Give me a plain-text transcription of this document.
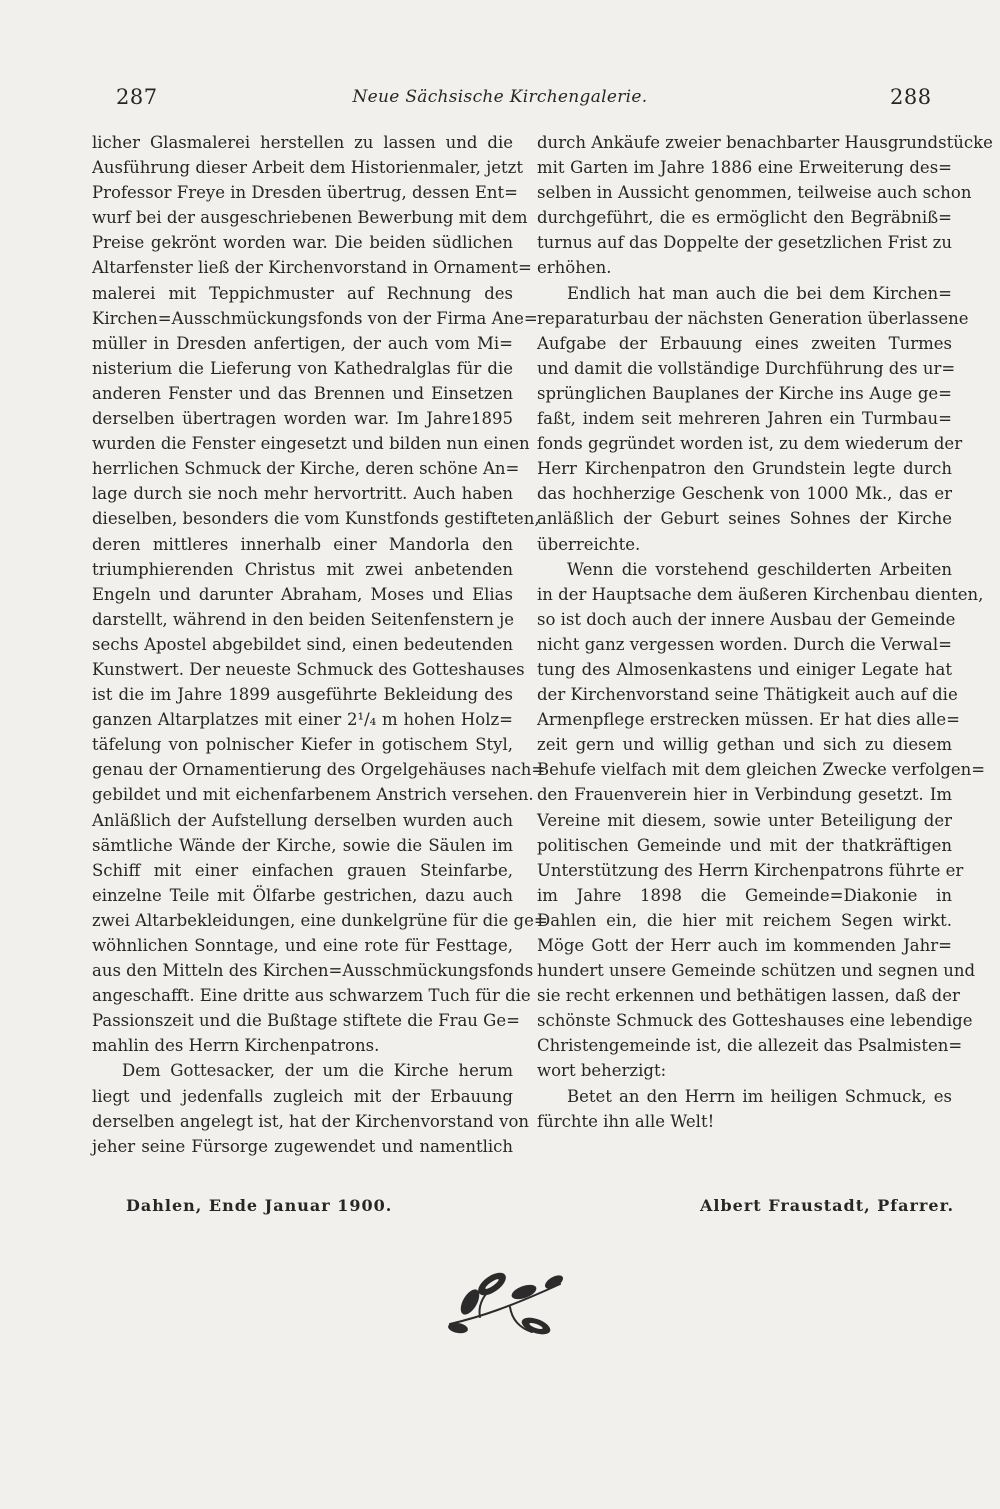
287	Neue Sächsische Kirchengalerie.	288
licher Glasmalerei herstellen zu lassen und die
Ausführung dieser Arbeit dem Historienmaler, jetzt
Professor Freye in Dresden übertrug, dessen Ent=
wurf bei der ausgeschriebenen Bewerbung mit dem
Preise gekrönt worden war. Die beiden südlichen
Altarfenster ließ der Kirchenvorstand in Ornament=
malerei mit Teppichmuster auf Rechnung des
Kirchen=Ausschmückungsfonds von der Firma Ane=
müller in Dresden anfertigen, der auch vom Mi=
nisterium die Lieferung von Kathedralglas für die
anderen Fenster und das Brennen und Einsetzen
derselben übertragen worden war. Im Jahre1895
wurden die Fenster eingesetzt und bilden nun einen
herrlichen Schmuck der Kirche, deren schöne An=
lage durch sie noch mehr hervortritt. Auch haben
dieselben, besonders die vom Kunstfonds gestifteten,
deren mittleres innerhalb einer Mandorla den
triumphierenden Christus mit zwei anbetenden
Engeln und darunter Abraham, Moses und Elias
darstellt, während in den beiden Seitenfenstern je
sechs Apostel abgebildet sind, einen bedeutenden
Kunstwert. Der neueste Schmuck des Gotteshauses
ist die im Jahre 1899 ausgeführte Bekleidung des
ganzen Altarplatzes mit einer 2¹/₄ m hohen Holz=
täfelung von polnischer Kiefer in gotischem Styl,
genau der Ornamentierung des Orgelgehäuses nach=
gebildet und mit eichenfarbenem Anstrich versehen.
Anläßlich der Aufstellung derselben wurden auch
sämtliche Wände der Kirche, sowie die Säulen im
Schiff mit einer einfachen grauen Steinfarbe,
einzelne Teile mit Ölfarbe gestrichen, dazu auch
zwei Altarbekleidungen, eine dunkelgrüne für die ge=
wöhnlichen Sonntage, und eine rote für Festtage,
aus den Mitteln des Kirchen=Ausschmückungsfonds
angeschafft. Eine dritte aus schwarzem Tuch für die
Passionszeit und die Bußtage stiftete die Frau Ge=
mahlin des Herrn Kirchenpatrons.
Dem Gottesacker, der um die Kirche herum
liegt und jedenfalls zugleich mit der Erbauung
derselben angelegt ist, hat der Kirchenvorstand von
jeher seine Fürsorge zugewendet und namentlich
durch Ankäufe zweier benachbarter Hausgrundstücke
mit Garten im Jahre 1886 eine Erweiterung des=
selben in Aussicht genommen, teilweise auch schon
durchgeführt, die es ermöglicht den Begräbniß=
turnus auf das Doppelte der gesetzlichen Frist zu
erhöhen.
Endlich hat man auch die bei dem Kirchen=
reparaturbau der nächsten Generation überlassene
Aufgabe der Erbauung eines zweiten Turmes
und damit die vollständige Durchführung des ur=
sprünglichen Bauplanes der Kirche ins Auge ge=
faßt, indem seit mehreren Jahren ein Turmbau=
fonds gegründet worden ist, zu dem wiederum der
Herr Kirchenpatron den Grundstein legte durch
das hochherzige Geschenk von 1000 Mk., das er
anläßlich der Geburt seines Sohnes der Kirche
überreichte.
Wenn die vorstehend geschilderten Arbeiten
in der Hauptsache dem äußeren Kirchenbau dienten,
so ist doch auch der innere Ausbau der Gemeinde
nicht ganz vergessen worden. Durch die Verwal=
tung des Almosenkastens und einiger Legate hat
der Kirchenvorstand seine Thätigkeit auch auf die
Armenpflege erstrecken müssen. Er hat dies alle=
zeit gern und willig gethan und sich zu diesem
Behufe vielfach mit dem gleichen Zwecke verfolgen=
den Frauenverein hier in Verbindung gesetzt. Im
Vereine mit diesem, sowie unter Beteiligung der
politischen Gemeinde und mit der thatkräftigen
Unterstützung des Herrn Kirchenpatrons führte er
im Jahre 1898 die Gemeinde=Diakonie in
Dahlen ein, die hier mit reichem Segen wirkt.
Möge Gott der Herr auch im kommenden Jahr=
hundert unsere Gemeinde schützen und segnen und
sie recht erkennen und bethätigen lassen, daß der
schönste Schmuck des Gotteshauses eine lebendige
Christengemeinde ist, die allezeit das Psalmisten=
wort beherzigt:
Betet an den Herrn im heiligen Schmuck, es
fürchte ihn alle Welt!
Dahlen, Ende Januar 1900.	Albert Fraustadt, Pfarrer.
